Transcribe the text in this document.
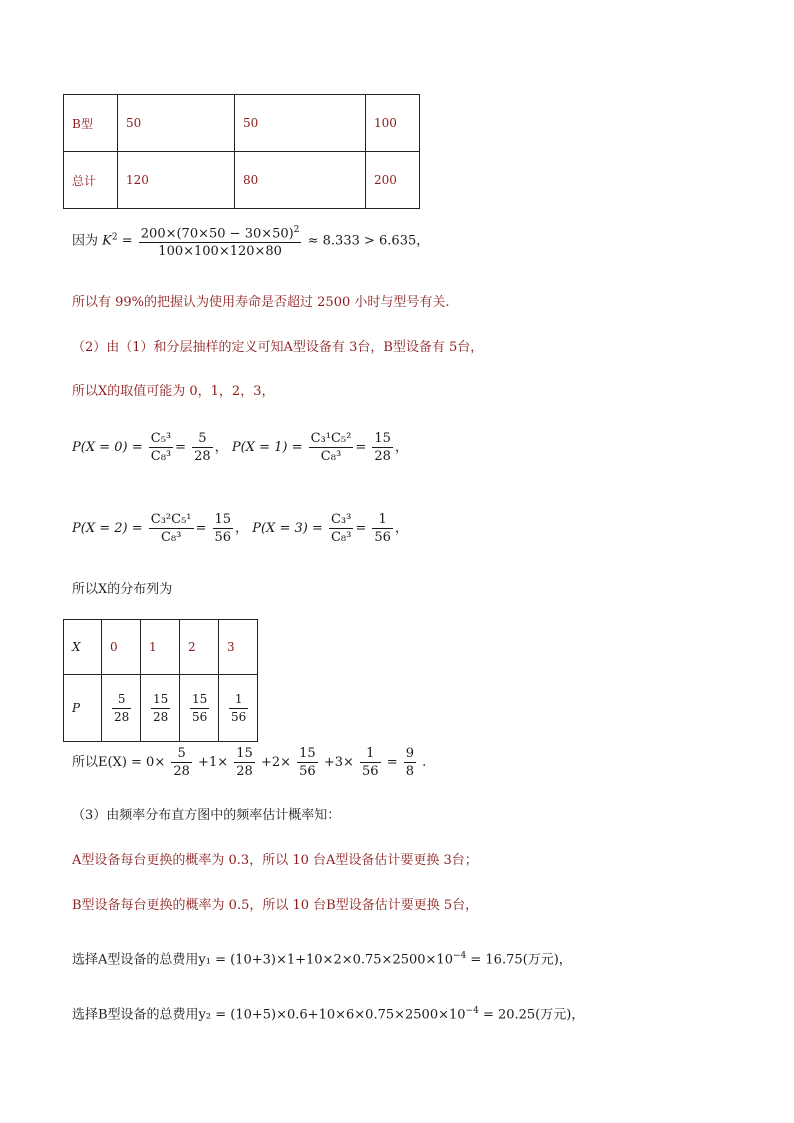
B型	50	50	100
总计	120	80	200
因为 $K^2 = \frac{200\times(70\times 50 - 30\times 50)^2}{100\times 100\times 120\times 80} \approx 8.333 > 6.635$，
所以有 99%的把握认为使用寿命是否超过 2500 小时与型号有关.
（2）由（1）和分层抽样的定义可知A型设备有 3台，B型设备有 5台，
所以X的取值可能为 0，1，2，3，
$P(X = 0) = \frac{\text{C₅³}}{\text{C₈³}} = \frac{5}{28}$ ， $P(X = 1) = \frac{\text{C₃¹C₅²}}{\text{C₈³}} = \frac{15}{28}$ ，
$P(X = 2) = \frac{\text{C₃²C₅¹}}{\text{C₈³}} = \frac{15}{56}$ ， $P(X = 3) = \frac{\text{C₃³}}{\text{C₈³}} = \frac{1}{56}$ ，
所以X的分布列为
X	0	1	2	3
P	$\frac{5}{28}$	$\frac{15}{28}$	$\frac{15}{56}$	$\frac{1}{56}$
所以$E(X) = 0\times \frac{5}{28} +1\times \frac{15}{28} +2\times \frac{15}{56} +3\times \frac{1}{56} = \frac{9}{8}$ .
（3）由频率分布直方图中的频率估计概率知：
A型设备每台更换的概率为 0.3，所以 10 台A型设备估计要更换 3台；
B型设备每台更换的概率为 0.5，所以 10 台B型设备估计要更换 5台，
选择A型设备的总费用$y_1 = (10+3)\times 1+10\times 2\times 0.75\times 2500\times 10^{-4} = 16.75$(万元)，
选择B型设备的总费用$y_2 = (10+5)\times 0.6+10\times 6\times 0.75\times 2500\times 10^{-4} = 20.25$(万元)，
